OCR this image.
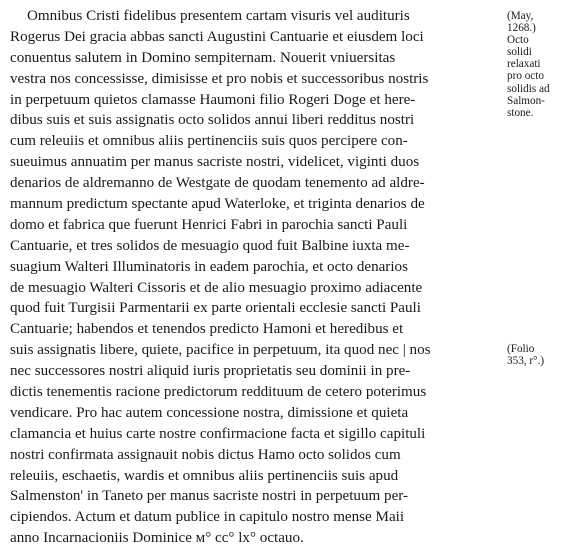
Omnibus Cristi fidelibus presentem cartam visuris vel audituris
Rogerus Dei gracia abbas sancti Augustini Cantuarie et eiusdem loci
conuentus salutem in Domino sempiternam. Nouerit vniuersitas
vestra nos concessisse, dimisisse et pro nobis et successoribus nostris
in perpetuum quietos clamasse Haumoni filio Rogeri Doge et here-
dibus suis et suis assignatis octo solidos annui liberi redditus nostri
cum releuiis et omnibus aliis pertinenciis suis quos percipere con-
sueuimus annuatim per manus sacriste nostri, videlicet, viginti duos
denarios de aldremanno de Westgate de quodam tenemento ad aldre-
mannum predictum spectante apud Waterloke, et triginta denarios de
domo et fabrica que fuerunt Henrici Fabri in parochia sancti Pauli
Cantuarie, et tres solidos de mesuagio quod fuit Balbine iuxta me-
suagium Walteri Illuminatoris in eadem parochia, et octo denarios
de mesuagio Walteri Cissoris et de alio mesuagio proximo adiacente
quod fuit Turgisii Parmentarii ex parte orientali ecclesie sancti Pauli
Cantuarie; habendos et tenendos predicto Hamoni et heredibus et
suis assignatis libere, quiete, pacifice in perpetuum, ita quod nec | nos
nec successores nostri aliquid iuris proprietatis seu dominii in pre-
dictis tenementis racione predictorum reddituum de cetero poterimus
vendicare. Pro hac autem concessione nostra, dimissione et quieta
clamancia et huius carte nostre confirmacione facta et sigillo capituli
nostri confirmata assignauit nobis dictus Hamo octo solidos cum
releuiis, eschaetis, wardis et omnibus aliis pertinenciis suis apud
Salmenston' in Taneto per manus sacriste nostri in perpetuum per-
cipiendos. Actum et datum publice in capitulo nostro mense Maii
anno Incarnacioniis Dominice ᴍ° cc° lx° octauo.
(May,
1268.)
Octo
solidi
relaxati
pro octo
solidis ad
Salmon-
stone.
(Folio
353, r°.)
